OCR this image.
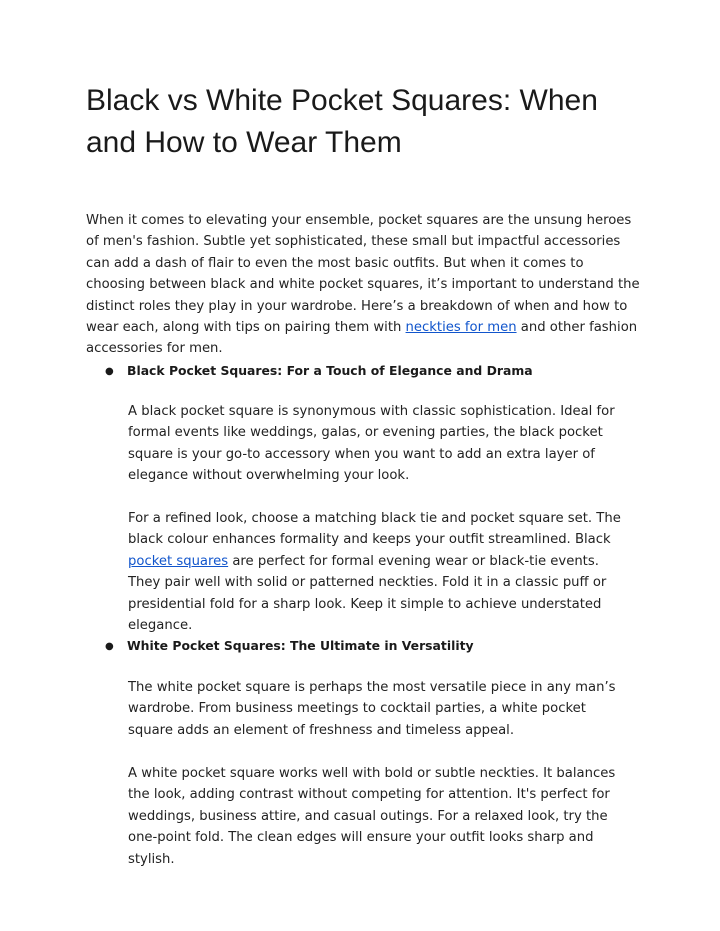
Black vs White Pocket Squares: When and How to Wear Them

When it comes to elevating your ensemble, pocket squares are the unsung heroes of men's fashion. Subtle yet sophisticated, these small but impactful accessories can add a dash of flair to even the most basic outfits. But when it comes to choosing between black and white pocket squares, it’s important to understand the distinct roles they play in your wardrobe. Here’s a breakdown of when and how to wear each, along with tips on pairing them with neckties for men and other fashion accessories for men.

● Black Pocket Squares: For a Touch of Elegance and Drama

A black pocket square is synonymous with classic sophistication. Ideal for formal events like weddings, galas, or evening parties, the black pocket square is your go-to accessory when you want to add an extra layer of elegance without overwhelming your look.

For a refined look, choose a matching black tie and pocket square set. The black colour enhances formality and keeps your outfit streamlined. Black pocket squares are perfect for formal evening wear or black-tie events. They pair well with solid or patterned neckties. Fold it in a classic puff or presidential fold for a sharp look. Keep it simple to achieve understated elegance.

● White Pocket Squares: The Ultimate in Versatility

The white pocket square is perhaps the most versatile piece in any man’s wardrobe. From business meetings to cocktail parties, a white pocket square adds an element of freshness and timeless appeal.

A white pocket square works well with bold or subtle neckties. It balances the look, adding contrast without competing for attention. It's perfect for weddings, business attire, and casual outings. For a relaxed look, try the one-point fold. The clean edges will ensure your outfit looks sharp and stylish.
